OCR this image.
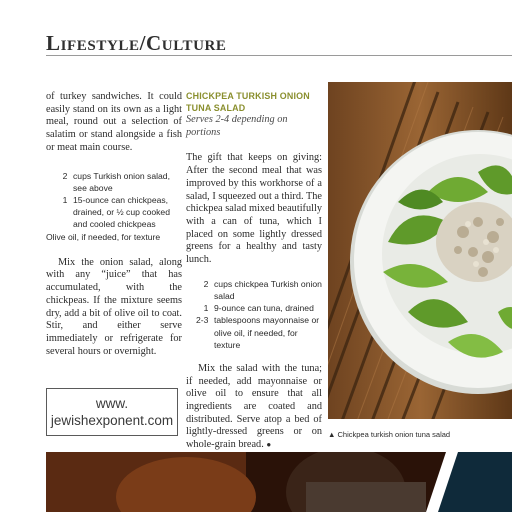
Lifestyle/Culture

of turkey sandwiches. It could easily stand on its own as a light meal, round out a selection of salatim or stand alongside a fish or meat main course.

2 cups Turkish onion salad, see above
1 15-ounce can chickpeas, drained, or ½ cup cooked and cooled chickpeas
Olive oil, if needed, for texture

Mix the onion salad, along with any “juice” that has accumulated, with the chickpeas. If the mixture seems dry, add a bit of olive oil to coat. Stir, and either serve immediately or refrigerate for several hours or overnight.

www.
jewishexponent.com

CHICKPEA TURKISH ONION
TUNA SALAD

Serves 2-4 depending on portions

The gift that keeps on giving: After the second meal that was improved by this workhorse of a salad, I squeezed out a third. The chickpea salad mixed beautifully with a can of tuna, which I placed on some lightly dressed greens for a healthy and tasty lunch.

2 cups chickpea Turkish onion salad
1 9-ounce can tuna, drained
2-3 tablespoons mayonnaise or olive oil, if needed, for texture

Mix the salad with the tuna; if needed, add mayonnaise or olive oil to ensure that all ingredients are coated and distributed. Serve atop a bed of lightly-dressed greens or on whole-grain bread. ●

▲ Chickpea turkish onion tuna salad
